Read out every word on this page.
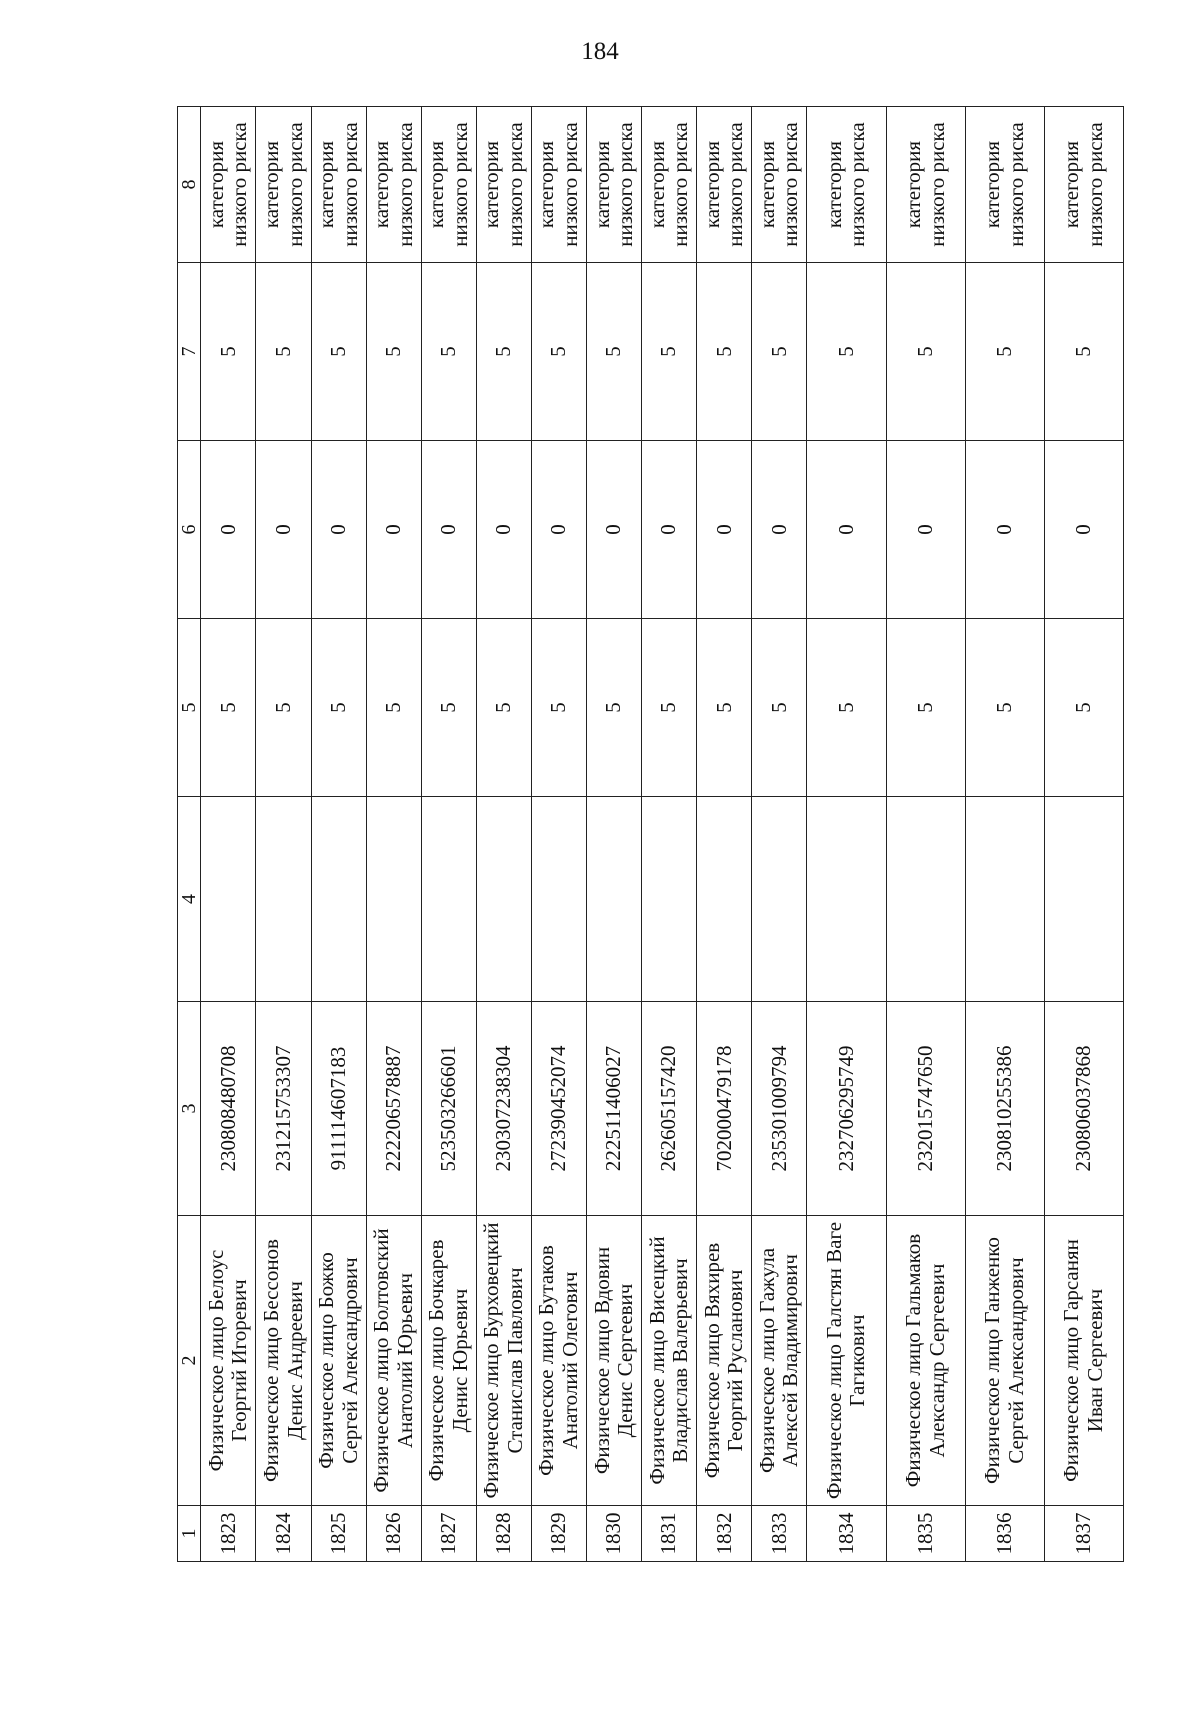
184
1	2	3	4	5	6	7	8
1823	Физическое лицо Белоус Георгий Игоревич	230808480708		5	0	5	категория низкого риска
1824	Физическое лицо Бессонов Денис Андреевич	231215753307		5	0	5	категория низкого риска
1825	Физическое лицо Божко Сергей Александрович	911114607183		5	0	5	категория низкого риска
1826	Физическое лицо Болтовский Анатолий Юрьевич	222206578887		5	0	5	категория низкого риска
1827	Физическое лицо Бочкарев Денис Юрьевич	523503266601		5	0	5	категория низкого риска
1828	Физическое лицо Бурховецкий Станислав Павлович	230307238304		5	0	5	категория низкого риска
1829	Физическое лицо Бутаков Анатолий Олегович	272390452074		5	0	5	категория низкого риска
1830	Физическое лицо Вдовин Денис Сергеевич	222511406027		5	0	5	категория низкого риска
1831	Физическое лицо Висецкий Владислав Валерьевич	262605157420		5	0	5	категория низкого риска
1832	Физическое лицо Вяхирев Георгий Русланович	702000479178		5	0	5	категория низкого риска
1833	Физическое лицо Гажула Алексей Владимирович	235301009794		5	0	5	категория низкого риска
1834	Физическое лицо Галстян Ваге Гагикович	232706295749		5	0	5	категория низкого риска
1835	Физическое лицо Гальмаков Александр Сергеевич	232015747650		5	0	5	категория низкого риска
1836	Физическое лицо Ганженко Сергей Александрович	230810255386		5	0	5	категория низкого риска
1837	Физическое лицо Гарсанян Иван Сергеевич	230806037868		5	0	5	категория низкого риска
